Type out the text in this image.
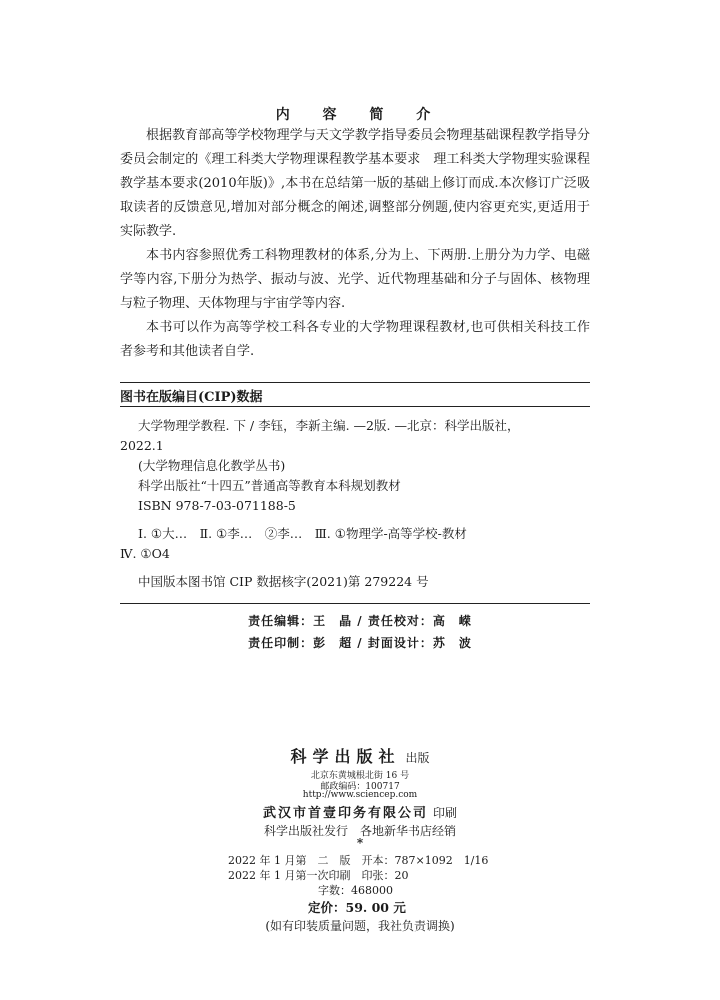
内 容 简 介

根据教育部高等学校物理学与天文学教学指导委员会物理基础课程教学指导分委员会制定的《理工科类大学物理课程教学基本要求　理工科类大学物理实验课程教学基本要求(2010年版)》,本书在总结第一版的基础上修订而成.本次修订广泛吸取读者的反馈意见,增加对部分概念的阐述,调整部分例题,使内容更充实,更适用于实际教学.

本书内容参照优秀工科物理教材的体系,分为上、下两册.上册分为力学、电磁学等内容,下册分为热学、振动与波、光学、近代物理基础和分子与固体、核物理与粒子物理、天体物理与宇宙学等内容.

本书可以作为高等学校工科各专业的大学物理课程教材,也可供相关科技工作者参考和其他读者自学.

图书在版编目(CIP)数据
大学物理学教程. 下 / 李钰，李新主编. —2版. —北京：科学出版社，
2022.1
(大学物理信息化教学丛书)
科学出版社“十四五”普通高等教育本科规划教材
ISBN 978-7-03-071188-5
Ⅰ. ①大…　Ⅱ. ①李…　②李…　Ⅲ. ①物理学-高等学校-教材
Ⅳ. ①O4
中国版本图书馆 CIP 数据核字(2021)第 279224 号
责任编辑：王　晶 / 责任校对：高　嵘
责任印制：彭　超 / 封面设计：苏　波
科学出版社 出版
北京东黄城根北街 16 号
邮政编码：100717
http://www.sciencep.com
武汉市首壹印务有限公司 印刷
科学出版社发行　各地新华书店经销
*
2022 年 1 月第　二　版　开本：787×1092　1/16
2022 年 1 月第一次印刷　印张：20
字数：468000
定价：59. 00 元
(如有印装质量问题，我社负责调换)
